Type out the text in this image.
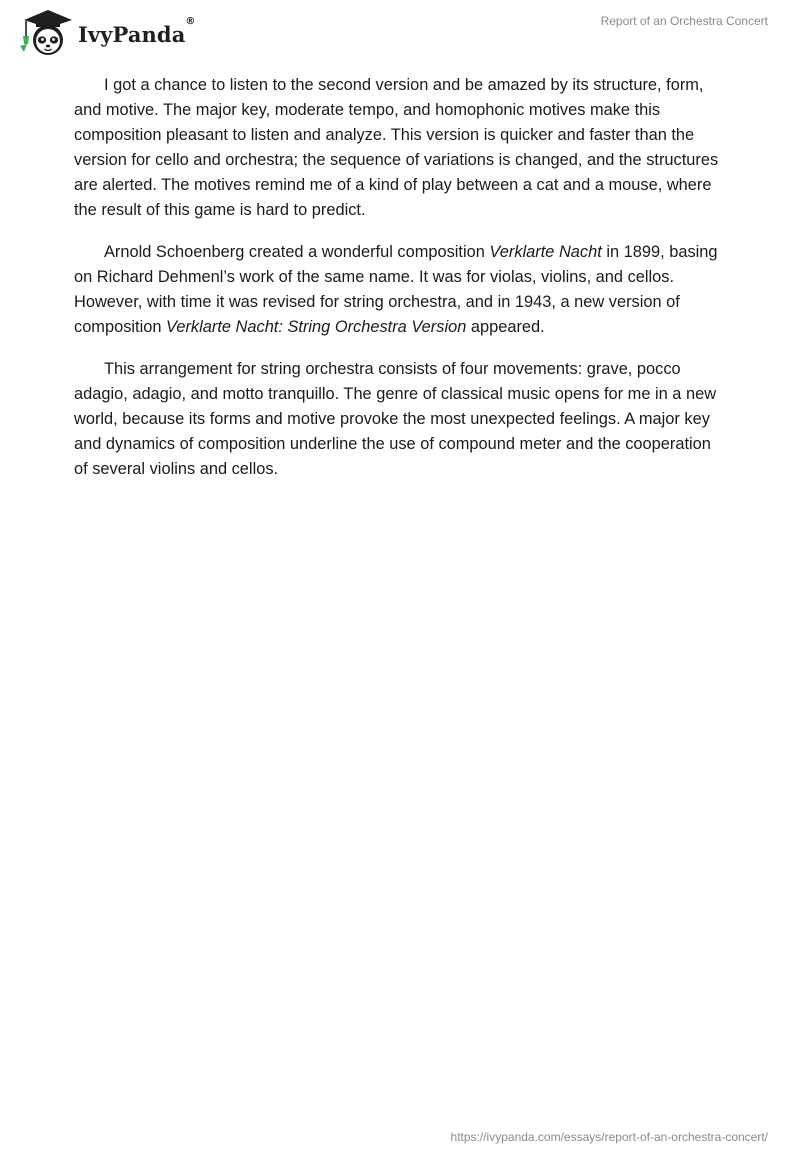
IvyPanda
®	Report of an Orchestra Concert

I got a chance to listen to the second version and be amazed by its structure, form, and motive. The major key, moderate tempo, and homophonic motives make this composition pleasant to listen and analyze. This version is quicker and faster than the version for cello and orchestra; the sequence of variations is changed, and the structures are alerted. The motives remind me of a kind of play between a cat and a mouse, where the result of this game is hard to predict.

Arnold Schoenberg created a wonderful composition Verklarte Nacht in 1899, basing on Richard Dehmenl’s work of the same name. It was for violas, violins, and cellos. However, with time it was revised for string orchestra, and in 1943, a new version of composition Verklarte Nacht: String Orchestra Version appeared.

This arrangement for string orchestra consists of four movements: grave, pocco adagio, adagio, and motto tranquillo. The genre of classical music opens for me in a new world, because its forms and motive provoke the most unexpected feelings. A major key and dynamics of composition underline the use of compound meter and the cooperation of several violins and cellos.

https://ivypanda.com/essays/report-of-an-orchestra-concert/
